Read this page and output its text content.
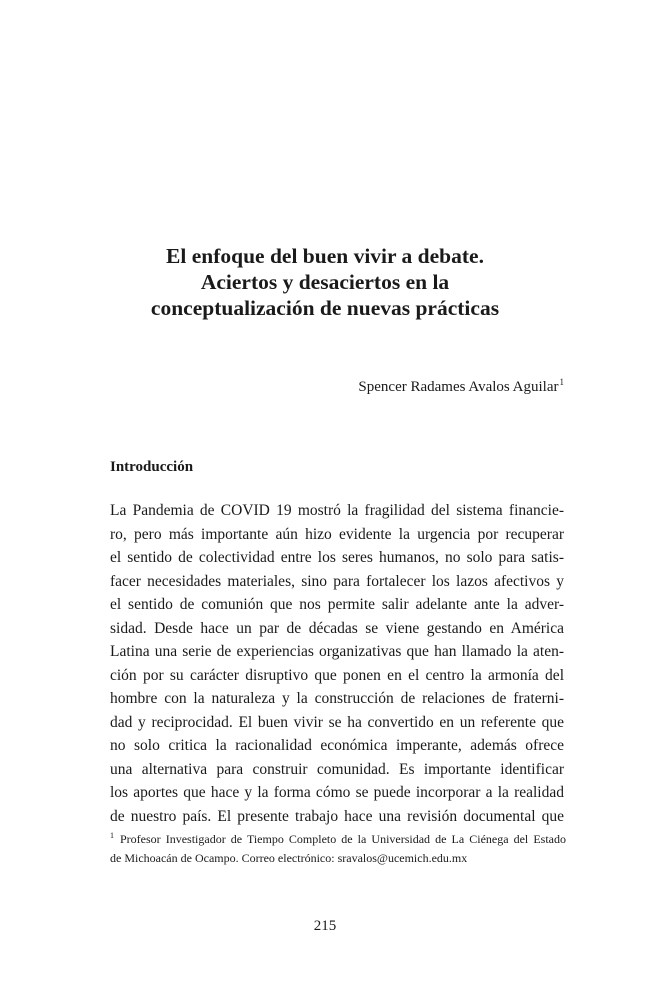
El enfoque del buen vivir a debate.
Aciertos y desaciertos en la
conceptualización de nuevas prácticas
Spencer Radames Avalos Aguilar$^1$
Introducción
La Pandemia de COVID 19 mostró la fragilidad del sistema financie-
ro, pero más importante aún hizo evidente la urgencia por recuperar
el sentido de colectividad entre los seres humanos, no solo para satis-
facer necesidades materiales, sino para fortalecer los lazos afectivos y
el sentido de comunión que nos permite salir adelante ante la adver-
sidad. Desde hace un par de décadas se viene gestando en América
Latina una serie de experiencias organizativas que han llamado la aten-
ción por su carácter disruptivo que ponen en el centro la armonía del
hombre con la naturaleza y la construcción de relaciones de fraterni-
dad y reciprocidad. El buen vivir se ha convertido en un referente que
no solo critica la racionalidad económica imperante, además ofrece
una alternativa para construir comunidad. Es importante identificar
los aportes que hace y la forma cómo se puede incorporar a la realidad
de nuestro país. El presente trabajo hace una revisión documental que
$^1$ Profesor Investigador de Tiempo Completo de la Universidad de La Ciénega del Estado
de Michoacán de Ocampo. Correo electrónico: sravalos@ucemich.edu.mx
215
